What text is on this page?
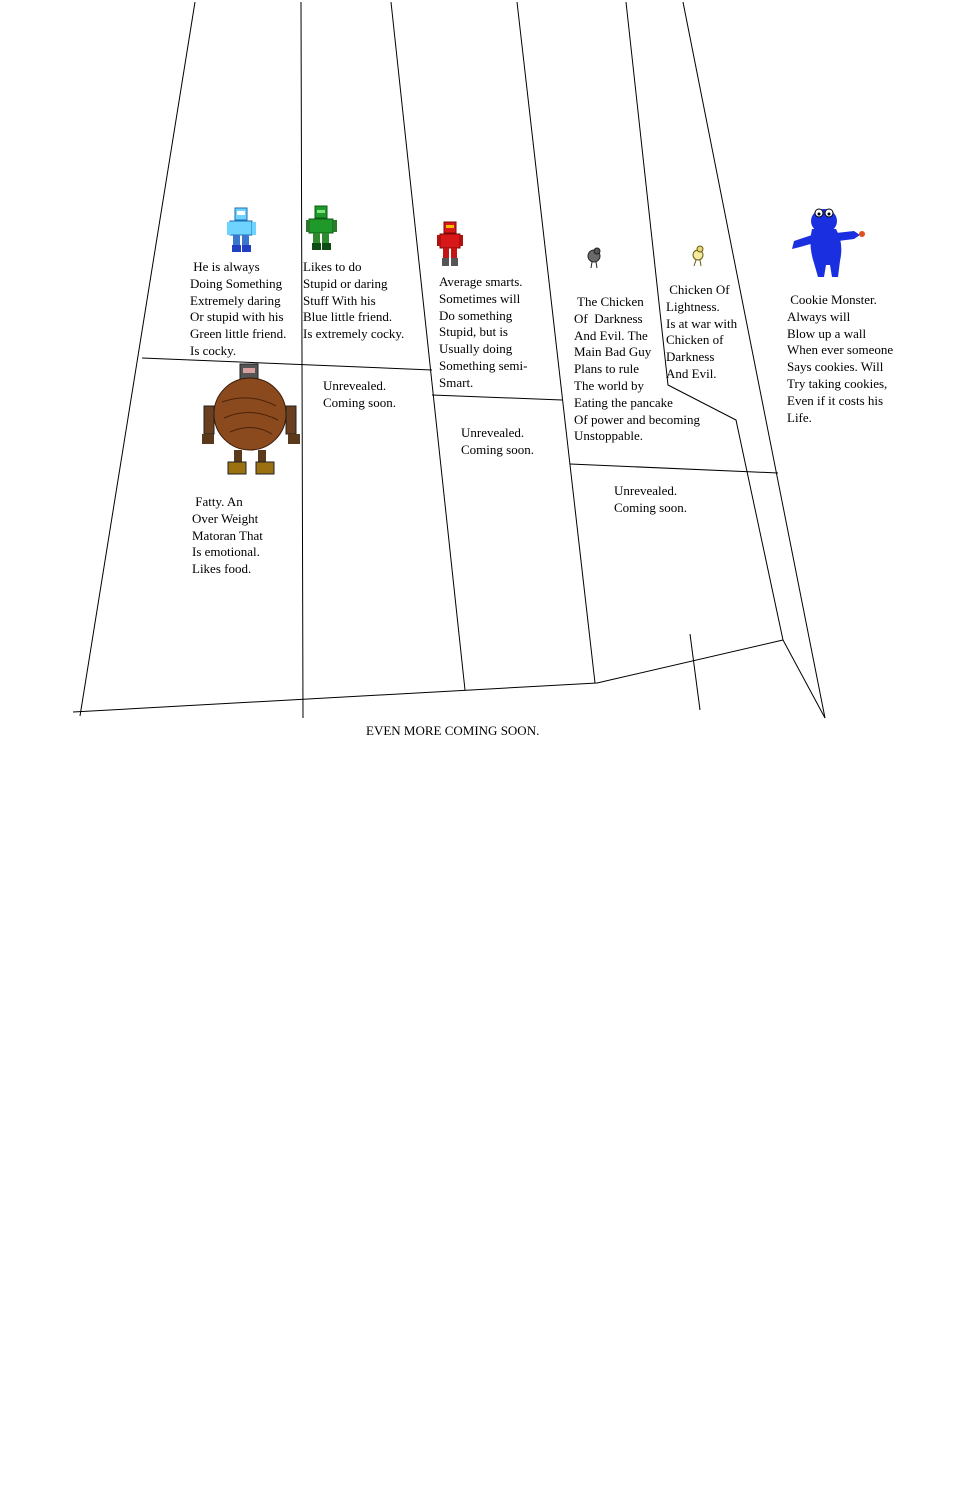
He is always
Doing Something
Extremely daring
Or stupid with his
Green little friend.
Is cocky.
Likes to do
Stupid or daring
Stuff With his
Blue little friend.
Is extremely cocky.
Average smarts.
Sometimes will
Do something
Stupid, but is
Usually doing
Something semi-
Smart.
The Chicken
Of  Darkness
And Evil. The
Main Bad Guy
Plans to rule
The world by
Eating the pancake
Of power and becoming
Unstoppable.
Chicken Of
Lightness.
Is at war with
Chicken of
Darkness
And Evil.
Cookie Monster.
Always will
Blow up a wall
When ever someone
Says cookies. Will
Try taking cookies,
Even if it costs his
Life.
Fatty. An
Over Weight
Matoran That
Is emotional.
Likes food.
Unrevealed.
Coming soon.
Unrevealed.
Coming soon.
Unrevealed.
Coming soon.
EVEN MORE COMING SOON.
